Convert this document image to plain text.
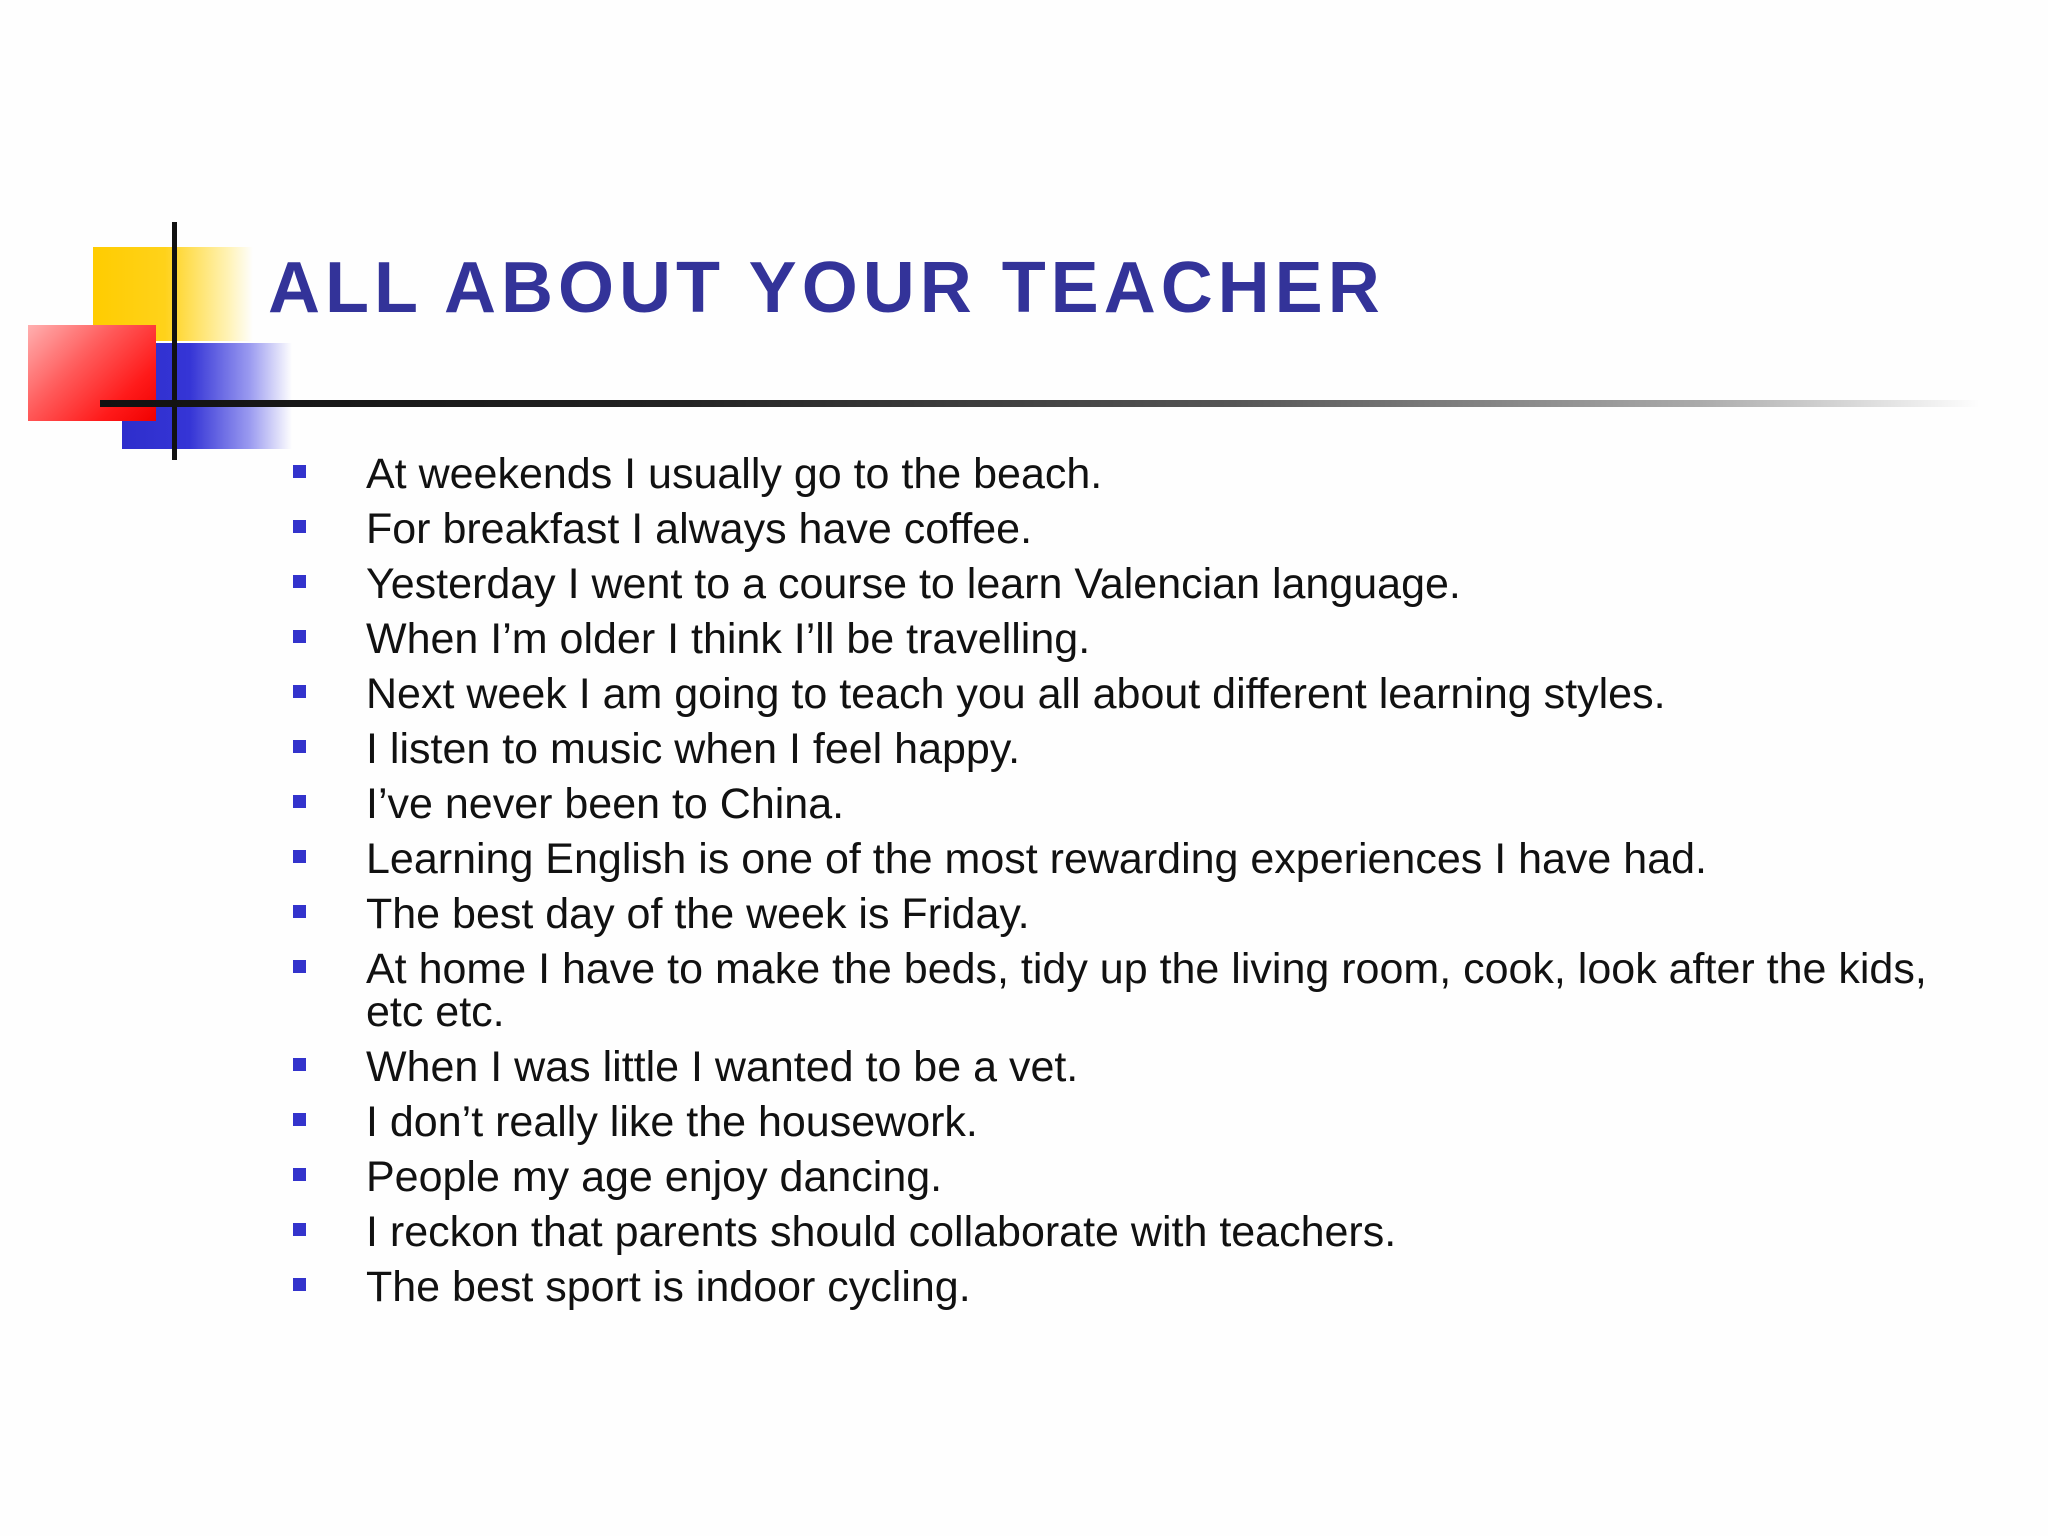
ALL ABOUT YOUR TEACHER
At weekends I usually go to the beach.
For breakfast I always have coffee.
Yesterday I went to a course to learn Valencian language.
When I’m older I think I’ll be travelling.
Next week I am going to teach you all about different learning styles.
I listen to music when I feel happy.
I’ve never been to China.
Learning English is one of the most rewarding experiences I have had.
The best day of the week is Friday.
At home I have to make the beds, tidy up the living room, cook, look after the kids, etc etc.
When I was little I wanted to be a vet.
I don’t really like the housework.
People my age enjoy dancing.
I reckon that parents should collaborate with teachers.
The best sport is indoor cycling.
